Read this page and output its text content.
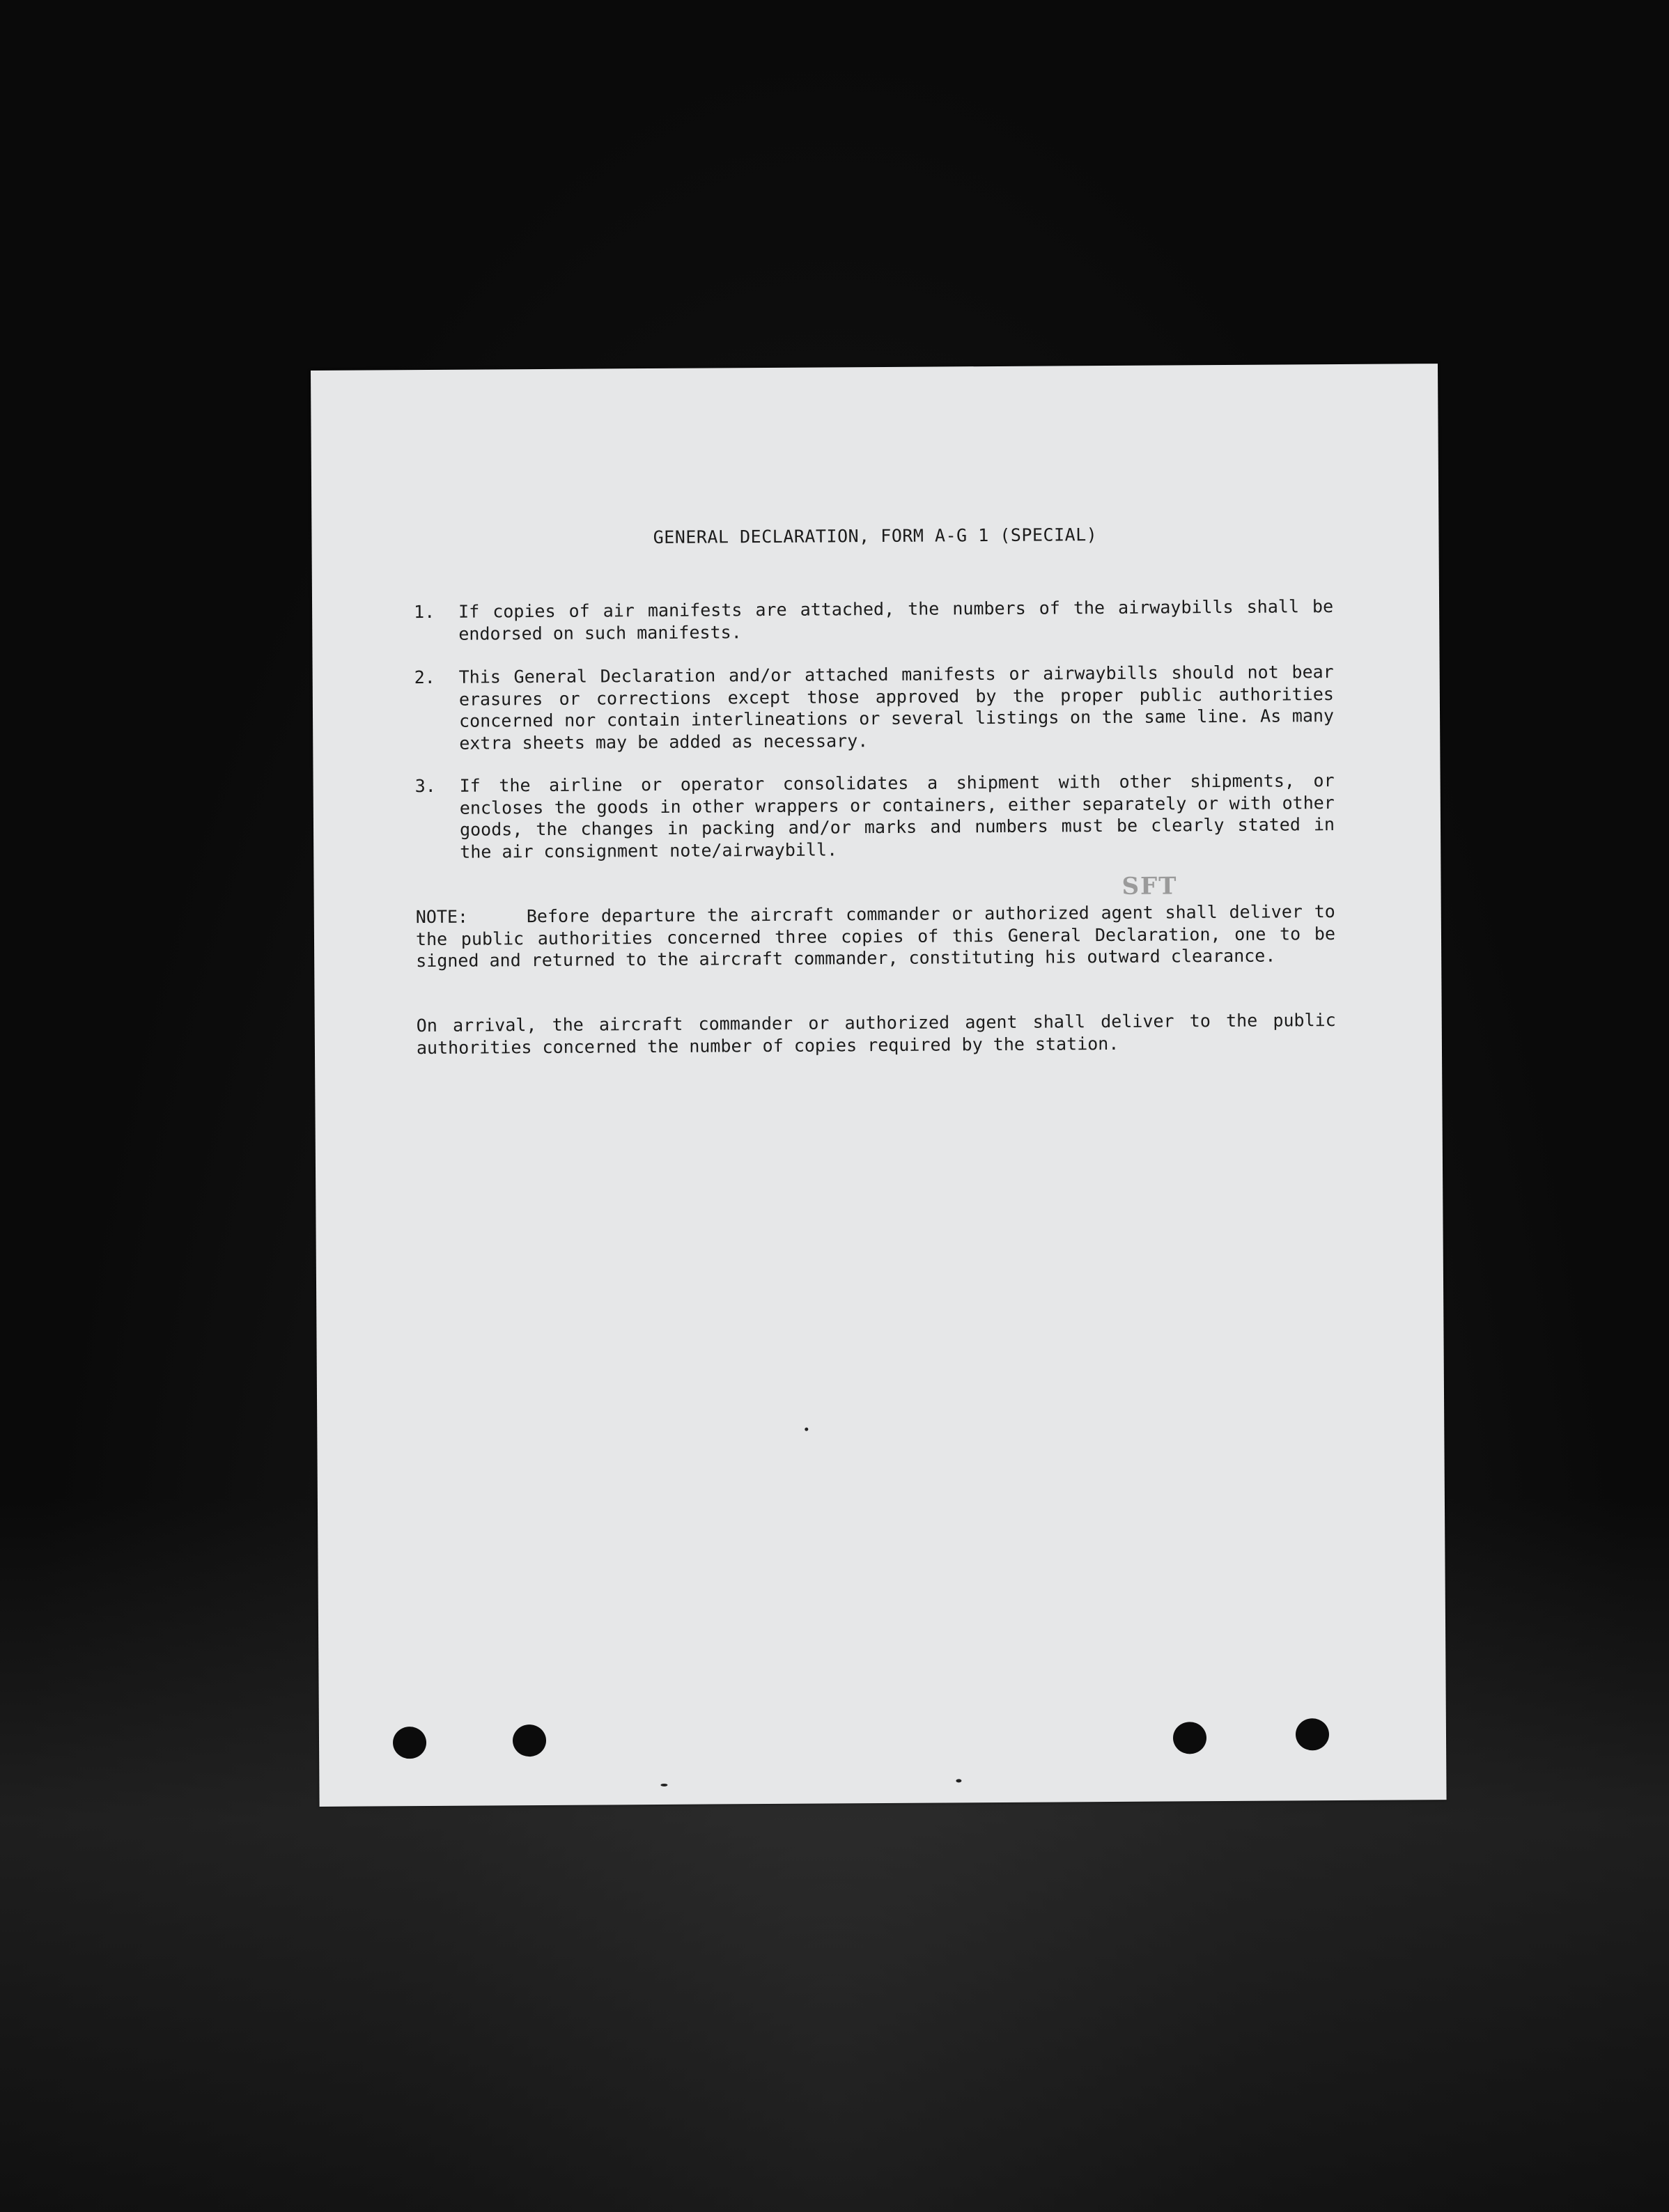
GENERAL DECLARATION, FORM A-G 1 (SPECIAL)
1. If copies of air manifests are attached, the numbers of the airwaybills shall be endorsed on such manifests.
2. This General Declaration and/or attached manifests or airwaybills should not bear erasures or corrections except those approved by the proper public authorities concerned nor contain interlineations or several listings on the same line. As many extra sheets may be added as necessary.
3. If the airline or operator consolidates a shipment with other shipments, or encloses the goods in other wrappers or containers, either separately or with other goods, the changes in packing and/or marks and numbers must be clearly stated in the air consignment note/airwaybill.
SFT
NOTE:     Before departure the aircraft commander or authorized agent shall deliver to the public authorities concerned three copies of this General Declaration, one to be signed and returned to the aircraft commander, constituting his outward clearance.
On arrival, the aircraft commander or authorized agent shall deliver to the public authorities concerned the number of copies required by the station.
